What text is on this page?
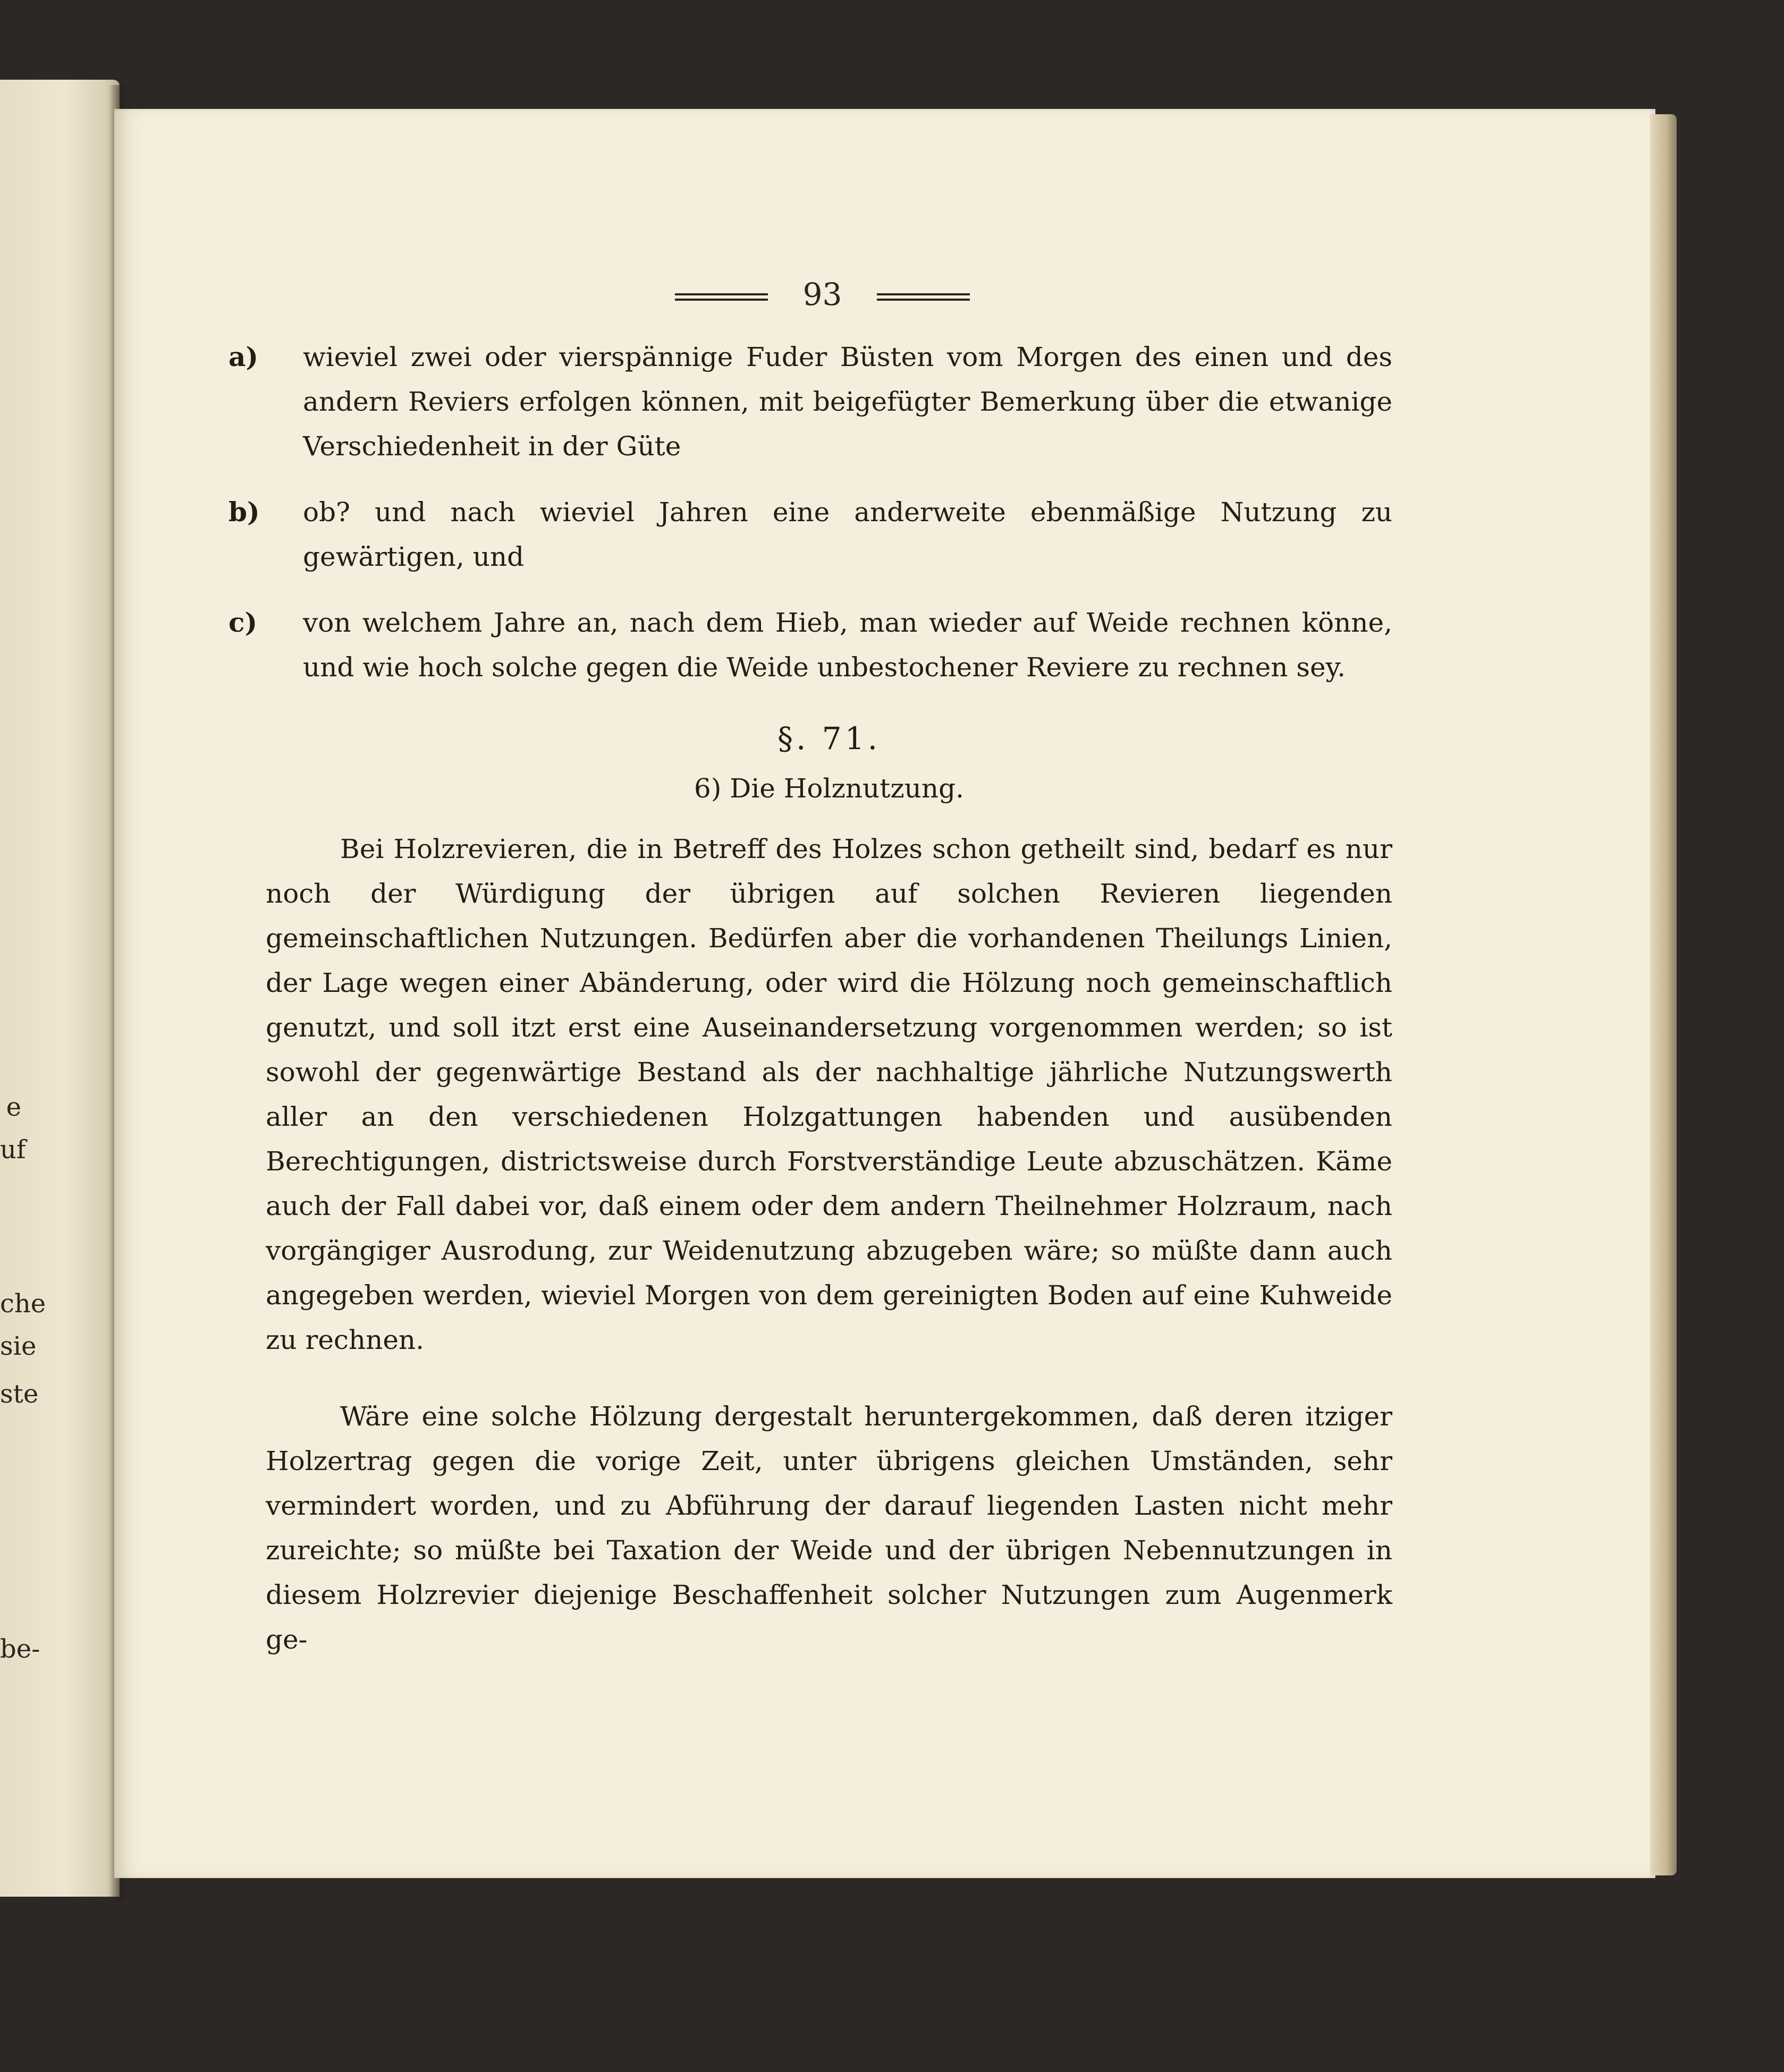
e
uf
che
sie
ste
be-
93
a)	wieviel zwei oder vierspännige Fuder Büsten vom Morgen des einen und des andern Reviers erfolgen können, mit beigefügter Bemerkung über die etwanige Verschiedenheit in der Güte
b)	ob? und nach wieviel Jahren eine anderweite ebenmäßige Nutzung zu gewärtigen, und
c)	von welchem Jahre an, nach dem Hieb, man wieder auf Weide rechnen könne, und wie hoch solche gegen die Weide unbestochener Reviere zu rechnen sey.
§. 71.
6) Die Holznutzung.

Bei Holzrevieren, die in Betreff des Holzes schon getheilt sind, bedarf es nur noch der Würdigung der übrigen auf solchen Revieren liegenden gemeinschaftlichen Nutzungen. Bedürfen aber die vorhandenen Theilungs Linien, der Lage wegen einer Abänderung, oder wird die Hölzung noch gemeinschaftlich genutzt, und soll itzt erst eine Auseinandersetzung vorgenommen werden; so ist sowohl der gegenwärtige Bestand als der nachhaltige jährliche Nutzungswerth aller an den verschiedenen Holzgattungen habenden und ausübenden Berechtigungen, districtsweise durch Forstverständige Leute abzuschätzen. Käme auch der Fall dabei vor, daß einem oder dem andern Theilnehmer Holzraum, nach vorgängiger Ausrodung, zur Weidenutzung abzugeben wäre; so müßte dann auch angegeben werden, wieviel Morgen von dem gereinigten Boden auf eine Kuhweide zu rechnen.

Wäre eine solche Hölzung dergestalt heruntergekommen, daß deren itziger Holzertrag gegen die vorige Zeit, unter übrigens gleichen Umständen, sehr vermindert worden, und zu Abführung der darauf liegenden Lasten nicht mehr zureichte; so müßte bei Taxation der Weide und der übrigen Nebennutzungen in diesem Holzrevier diejenige Beschaffenheit solcher Nutzungen zum Augenmerk ge-
